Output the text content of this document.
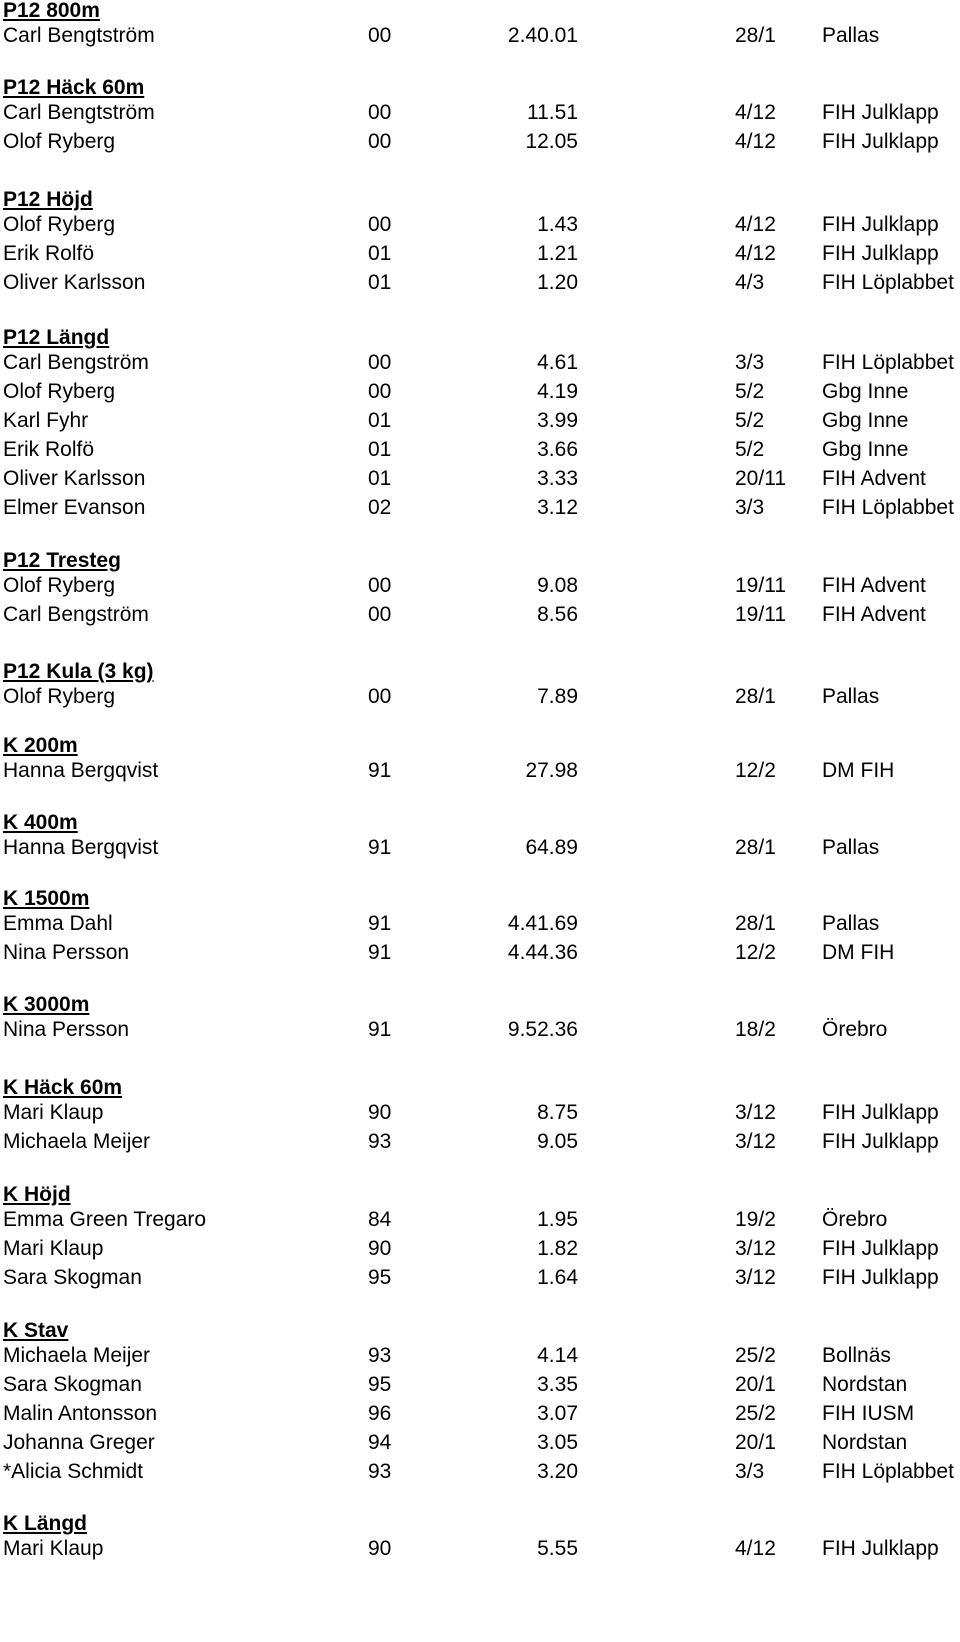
P12 800m
Carl Bengtström	00	2.40.01	28/1 Pallas
P12 Häck 60m
Carl Bengtström	00	11.51	4/12 FIH Julklapp
Olof Ryberg	00	12.05	4/12 FIH Julklapp
P12 Höjd
Olof Ryberg	00	1.43	4/12 FIH Julklapp
Erik Rolfö	01	1.21	4/12 FIH Julklapp
Oliver Karlsson	01	1.20	4/3	FIH Löplabbet
P12 Längd
Carl Bengström	00	4.61	3/3	FIH Löplabbet
Olof Ryberg	00	4.19	5/2	Gbg Inne
Karl Fyhr	01	3.99	5/2	Gbg Inne
Erik Rolfö	01	3.66	5/2	Gbg Inne
Oliver Karlsson	01	3.33	20/11 FIH Advent
Elmer Evanson	02	3.12	3/3	FIH Löplabbet
P12 Tresteg
Olof Ryberg	00	9.08	19/11 FIH Advent
Carl Bengström	00	8.56	19/11 FIH Advent
P12 Kula (3 kg)
Olof Ryberg	00	7.89	28/1 Pallas
K 200m
Hanna Bergqvist	91	27.98	12/2 DM FIH
K 400m
Hanna Bergqvist	91	64.89	28/1 Pallas
K 1500m
Emma Dahl	91	4.41.69	28/1 Pallas
Nina Persson	91	4.44.36	12/2 DM FIH
K 3000m
Nina Persson	91	9.52.36	18/2 Örebro
K Häck 60m
Mari Klaup	90	8.75	3/12 FIH Julklapp
Michaela Meijer	93	9.05	3/12 FIH Julklapp
K Höjd
Emma Green Tregaro	84	1.95	19/2 Örebro
Mari Klaup	90	1.82	3/12 FIH Julklapp
Sara Skogman	95	1.64	3/12 FIH Julklapp
K Stav
Michaela Meijer	93	4.14	25/2 Bollnäs
Sara Skogman	95	3.35	20/1 Nordstan
Malin Antonsson	96	3.07	25/2 FIH IUSM
Johanna Greger	94	3.05	20/1 Nordstan
*Alicia Schmidt	93	3.20	3/3	FIH Löplabbet
K Längd
Mari Klaup	90	5.55	4/12 FIH Julklapp
